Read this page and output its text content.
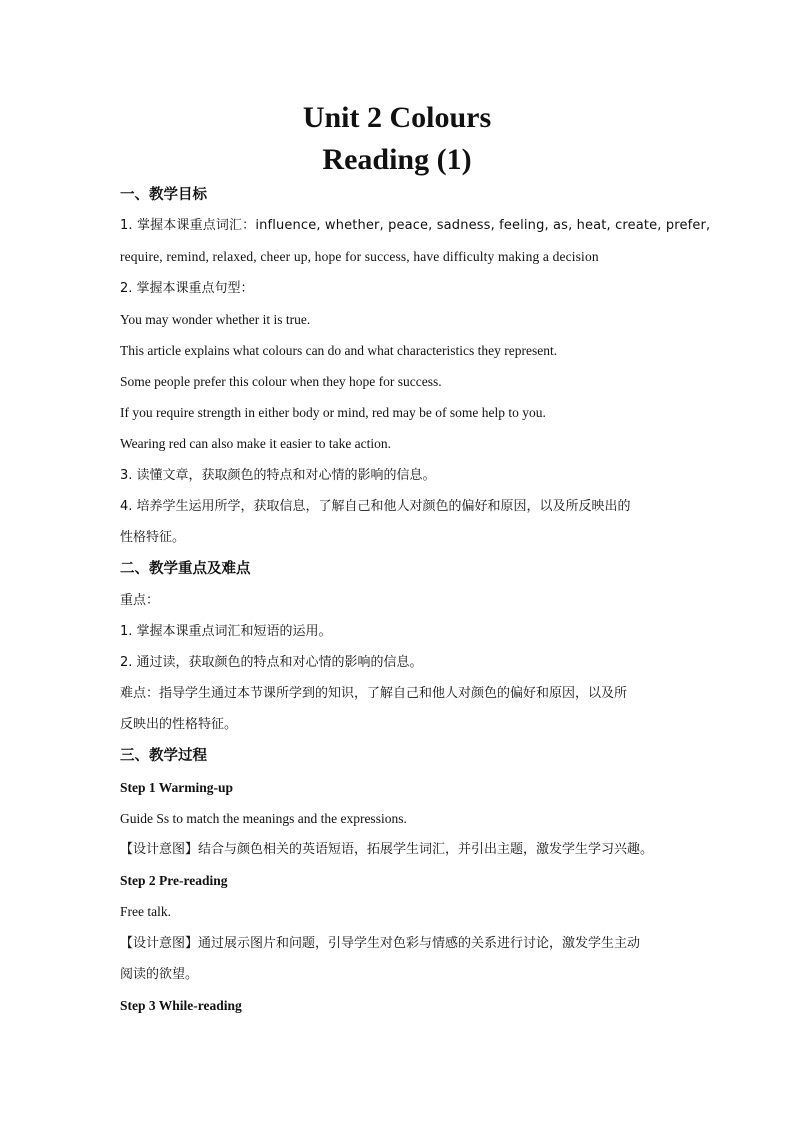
Unit 2 Colours
Reading (1)

一、教学目标

1. 掌握本课重点词汇：influence, whether, peace, sadness, feeling, as, heat, create, prefer,

require, remind, relaxed, cheer up, hope for success, have difficulty making a decision

2. 掌握本课重点句型：

You may wonder whether it is true.

This article explains what colours can do and what characteristics they represent.

Some people prefer this colour when they hope for success.

If you require strength in either body or mind, red may be of some help to you.

Wearing red can also make it easier to take action.

3. 读懂文章，获取颜色的特点和对心情的影响的信息。

4. 培养学生运用所学，获取信息，了解自己和他人对颜色的偏好和原因，以及所反映出的

性格特征。

二、教学重点及难点

重点：

1. 掌握本课重点词汇和短语的运用。

2. 通过读，获取颜色的特点和对心情的影响的信息。

难点：指导学生通过本节课所学到的知识，了解自己和他人对颜色的偏好和原因，以及所

反映出的性格特征。

三、教学过程

Step 1 Warming-up

Guide Ss to match the meanings and the expressions.

【设计意图】结合与颜色相关的英语短语，拓展学生词汇，并引出主题，激发学生学习兴趣。

Step 2 Pre-reading

Free talk.

【设计意图】通过展示图片和问题，引导学生对色彩与情感的关系进行讨论，激发学生主动

阅读的欲望。

Step 3 While-reading
